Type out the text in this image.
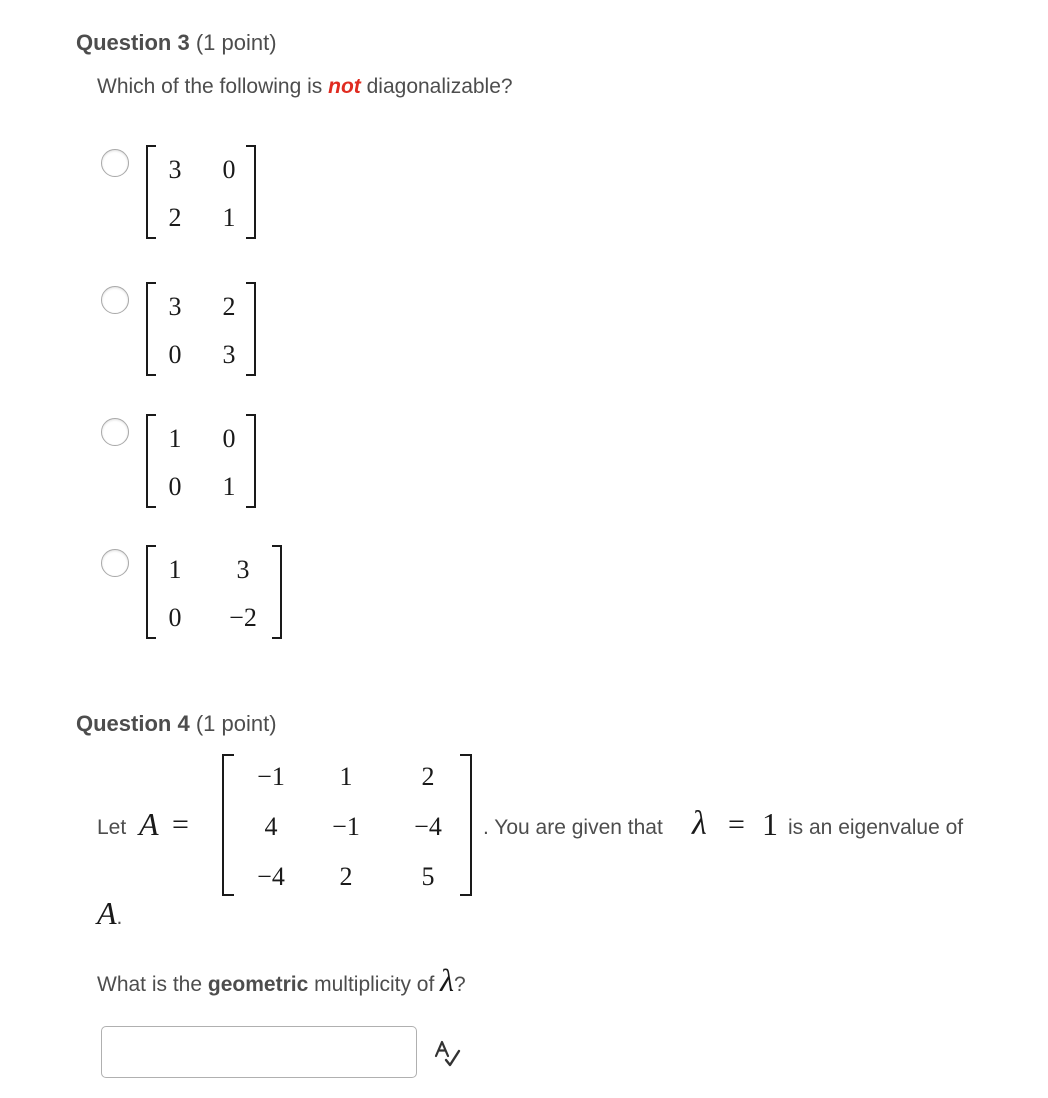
Question 3 (1 point)
Which of the following is not diagonalizable?
3	0
2	1
3	2
0	3
1	0
0	1
1	3
0	−2
Question 4 (1 point)
Let A =
−1	1	2
4	−1	−4
−4	2	5
. You are given that λ = 1 is an eigenvalue of
A.
What is the geometric multiplicity of λ?
